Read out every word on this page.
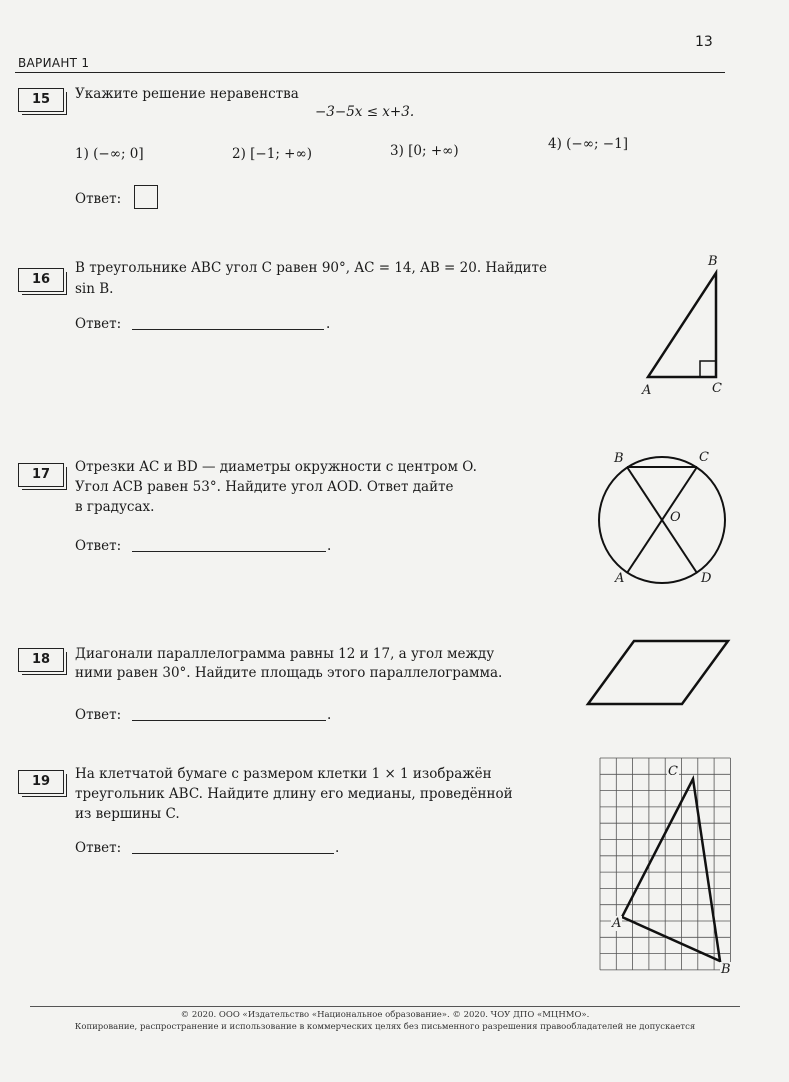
ВАРИАНТ 1
13
15	Укажите решение неравенства
−3−5x ≤ x+3.
1) (−∞; 0]	2) [−1; +∞)	3) [0; +∞)	4) (−∞; −1]
Ответ:
16
В треугольнике ABC угол C равен 90°, AC = 14, AB = 20. Найдите
sin B.
Ответ:	.
B
A	C
17	Отрезки AC и BD — диаметры окружности с центром O.
Угол ACB равен 53°. Найдите угол AOD. Ответ дайте
в градусах.
Ответ:	.
B	C
O
A	D
18	Диагонали параллелограмма равны 12 и 17, а угол между
ними равен 30°. Найдите площадь этого параллелограмма.
Ответ:	.
19	На клетчатой бумаге с размером клетки 1 × 1 изображён
треугольник ABC. Найдите длину его медианы, проведённой
из вершины C.
Ответ:	.
C
A
B
© 2020. ООО «Издательство «Национальное образование». © 2020. ЧОУ ДПО «МЦНМО».
Копирование, распространение и использование в коммерческих целях без письменного разрешения правообладателей не допускается
